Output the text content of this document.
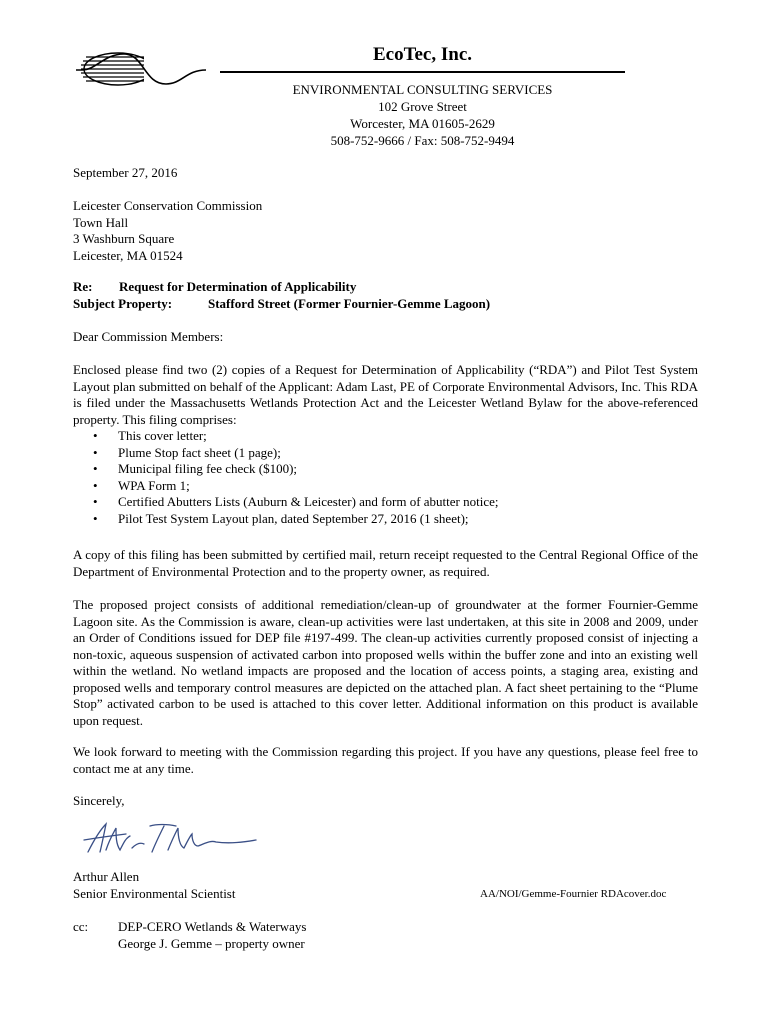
EcoTec, Inc.
ENVIRONMENTAL CONSULTING SERVICES
102 Grove Street
Worcester, MA 01605-2629
508-752-9666 / Fax: 508-752-9494
September 27, 2016
Leicester Conservation Commission
Town Hall
3 Washburn Square
Leicester, MA 01524
Re: Request for Determination of Applicability
Subject Property:	Stafford Street (Former Fournier-Gemme Lagoon)
Dear Commission Members:
Enclosed please find two (2) copies of a Request for Determination of Applicability (“RDA”) and Pilot Test System Layout plan submitted on behalf of the Applicant: Adam Last, PE of Corporate Environmental Advisors, Inc. This RDA is filed under the Massachusetts Wetlands Protection Act and the Leicester Wetland Bylaw for the above-referenced property. This filing comprises:
• This cover letter;
• Plume Stop fact sheet (1 page);
• Municipal filing fee check ($100);
• WPA Form 1;
• Certified Abutters Lists (Auburn & Leicester) and form of abutter notice;
• Pilot Test System Layout plan, dated September 27, 2016 (1 sheet);
A copy of this filing has been submitted by certified mail, return receipt requested to the Central Regional Office of the Department of Environmental Protection and to the property owner, as required.
The proposed project consists of additional remediation/clean-up of groundwater at the former Fournier-Gemme Lagoon site. As the Commission is aware, clean-up activities were last undertaken, at this site in 2008 and 2009, under an Order of Conditions issued for DEP file #197-499. The clean-up activities currently proposed consist of injecting a non-toxic, aqueous suspension of activated carbon into proposed wells within the buffer zone and into an existing well within the wetland. No wetland impacts are proposed and the location of access points, a staging area, existing and proposed wells and temporary control measures are depicted on the attached plan. A fact sheet pertaining to the “Plume Stop” activated carbon to be used is attached to this cover letter. Additional information on this product is available upon request.
We look forward to meeting with the Commission regarding this project. If you have any questions, please feel free to contact me at any time.
Sincerely,
Arthur Allen
Senior Environmental Scientist	AA/NOI/Gemme-Fournier RDAcover.doc
cc: DEP-CERO Wetlands & Waterways
George J. Gemme – property owner
